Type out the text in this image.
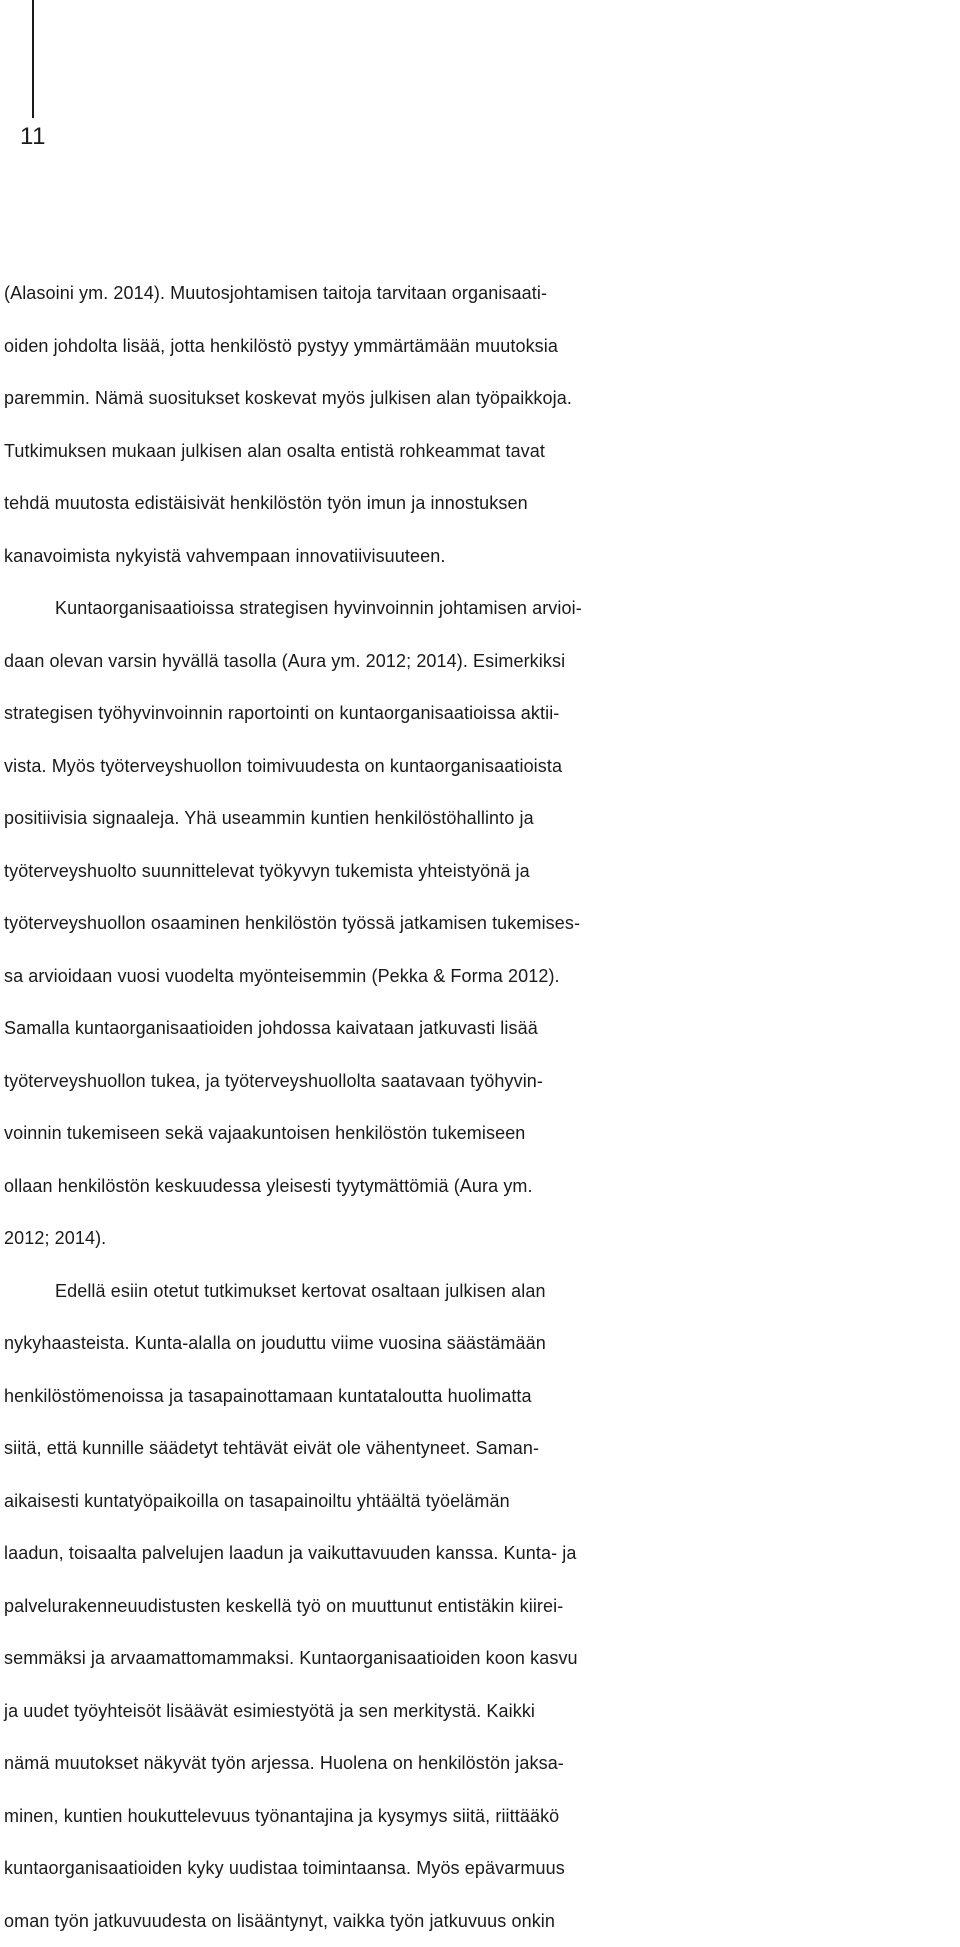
11
(Alasoini ym. 2014). Muutosjohtamisen taitoja tarvitaan organisaati-
oiden johdolta lisää, jotta henkilöstö pystyy ymmärtämään muutoksia
paremmin. Nämä suositukset koskevat myös julkisen alan työpaikkoja.
Tutkimuksen mukaan julkisen alan osalta entistä rohkeammat tavat
tehdä muutosta edistäisivät henkilöstön työn imun ja innostuksen
kanavoimista nykyistä vahvempaan innovatiivisuuteen.
Kuntaorganisaatioissa strategisen hyvinvoinnin johtamisen arvioi-
daan olevan varsin hyvällä tasolla (Aura ym. 2012; 2014). Esimerkiksi
strategisen työhyvinvoinnin raportointi on kuntaorganisaatioissa aktii-
vista. Myös työterveyshuollon toimivuudesta on kuntaorganisaatioista
positiivisia signaaleja. Yhä useammin kuntien henkilöstöhallinto ja
työterveyshuolto suunnittelevat työkyvyn tukemista yhteistyönä ja
työterveyshuollon osaaminen henkilöstön työssä jatkamisen tukemises-
sa arvioidaan vuosi vuodelta myönteisemmin (Pekka & Forma 2012).
Samalla kuntaorganisaatioiden johdossa kaivataan jatkuvasti lisää
työterveyshuollon tukea, ja työterveyshuollolta saatavaan työhyvin-
voinnin tukemiseen sekä vajaakuntoisen henkilöstön tukemiseen
ollaan henkilöstön keskuudessa yleisesti tyytymättömiä (Aura ym.
2012; 2014).
Edellä esiin otetut tutkimukset kertovat osaltaan julkisen alan
nykyhaasteista. Kunta-alalla on jouduttu viime vuosina säästämään
henkilöstömenoissa ja tasapainottamaan kuntataloutta huolimatta
siitä, että kunnille säädetyt tehtävät eivät ole vähentyneet. Saman-
aikaisesti kuntatyöpaikoilla on tasapainoiltu yhtäältä työelämän
laadun, toisaalta palvelujen laadun ja vaikuttavuuden kanssa. Kunta- ja
palvelurakenneuudistusten keskellä työ on muuttunut entistäkin kiirei-
semmäksi ja arvaamattomammaksi. Kuntaorganisaatioiden koon kasvu
ja uudet työyhteisöt lisäävät esimiestyötä ja sen merkitystä. Kaikki
nämä muutokset näkyvät työn arjessa. Huolena on henkilöstön jaksa-
minen, kuntien houkuttelevuus työnantajina ja kysymys siitä, riittääkö
kuntaorganisaatioiden kyky uudistaa toimintaansa. Myös epävarmuus
oman työn jatkuvuudesta on lisääntynyt, vaikka työn jatkuvuus onkin
